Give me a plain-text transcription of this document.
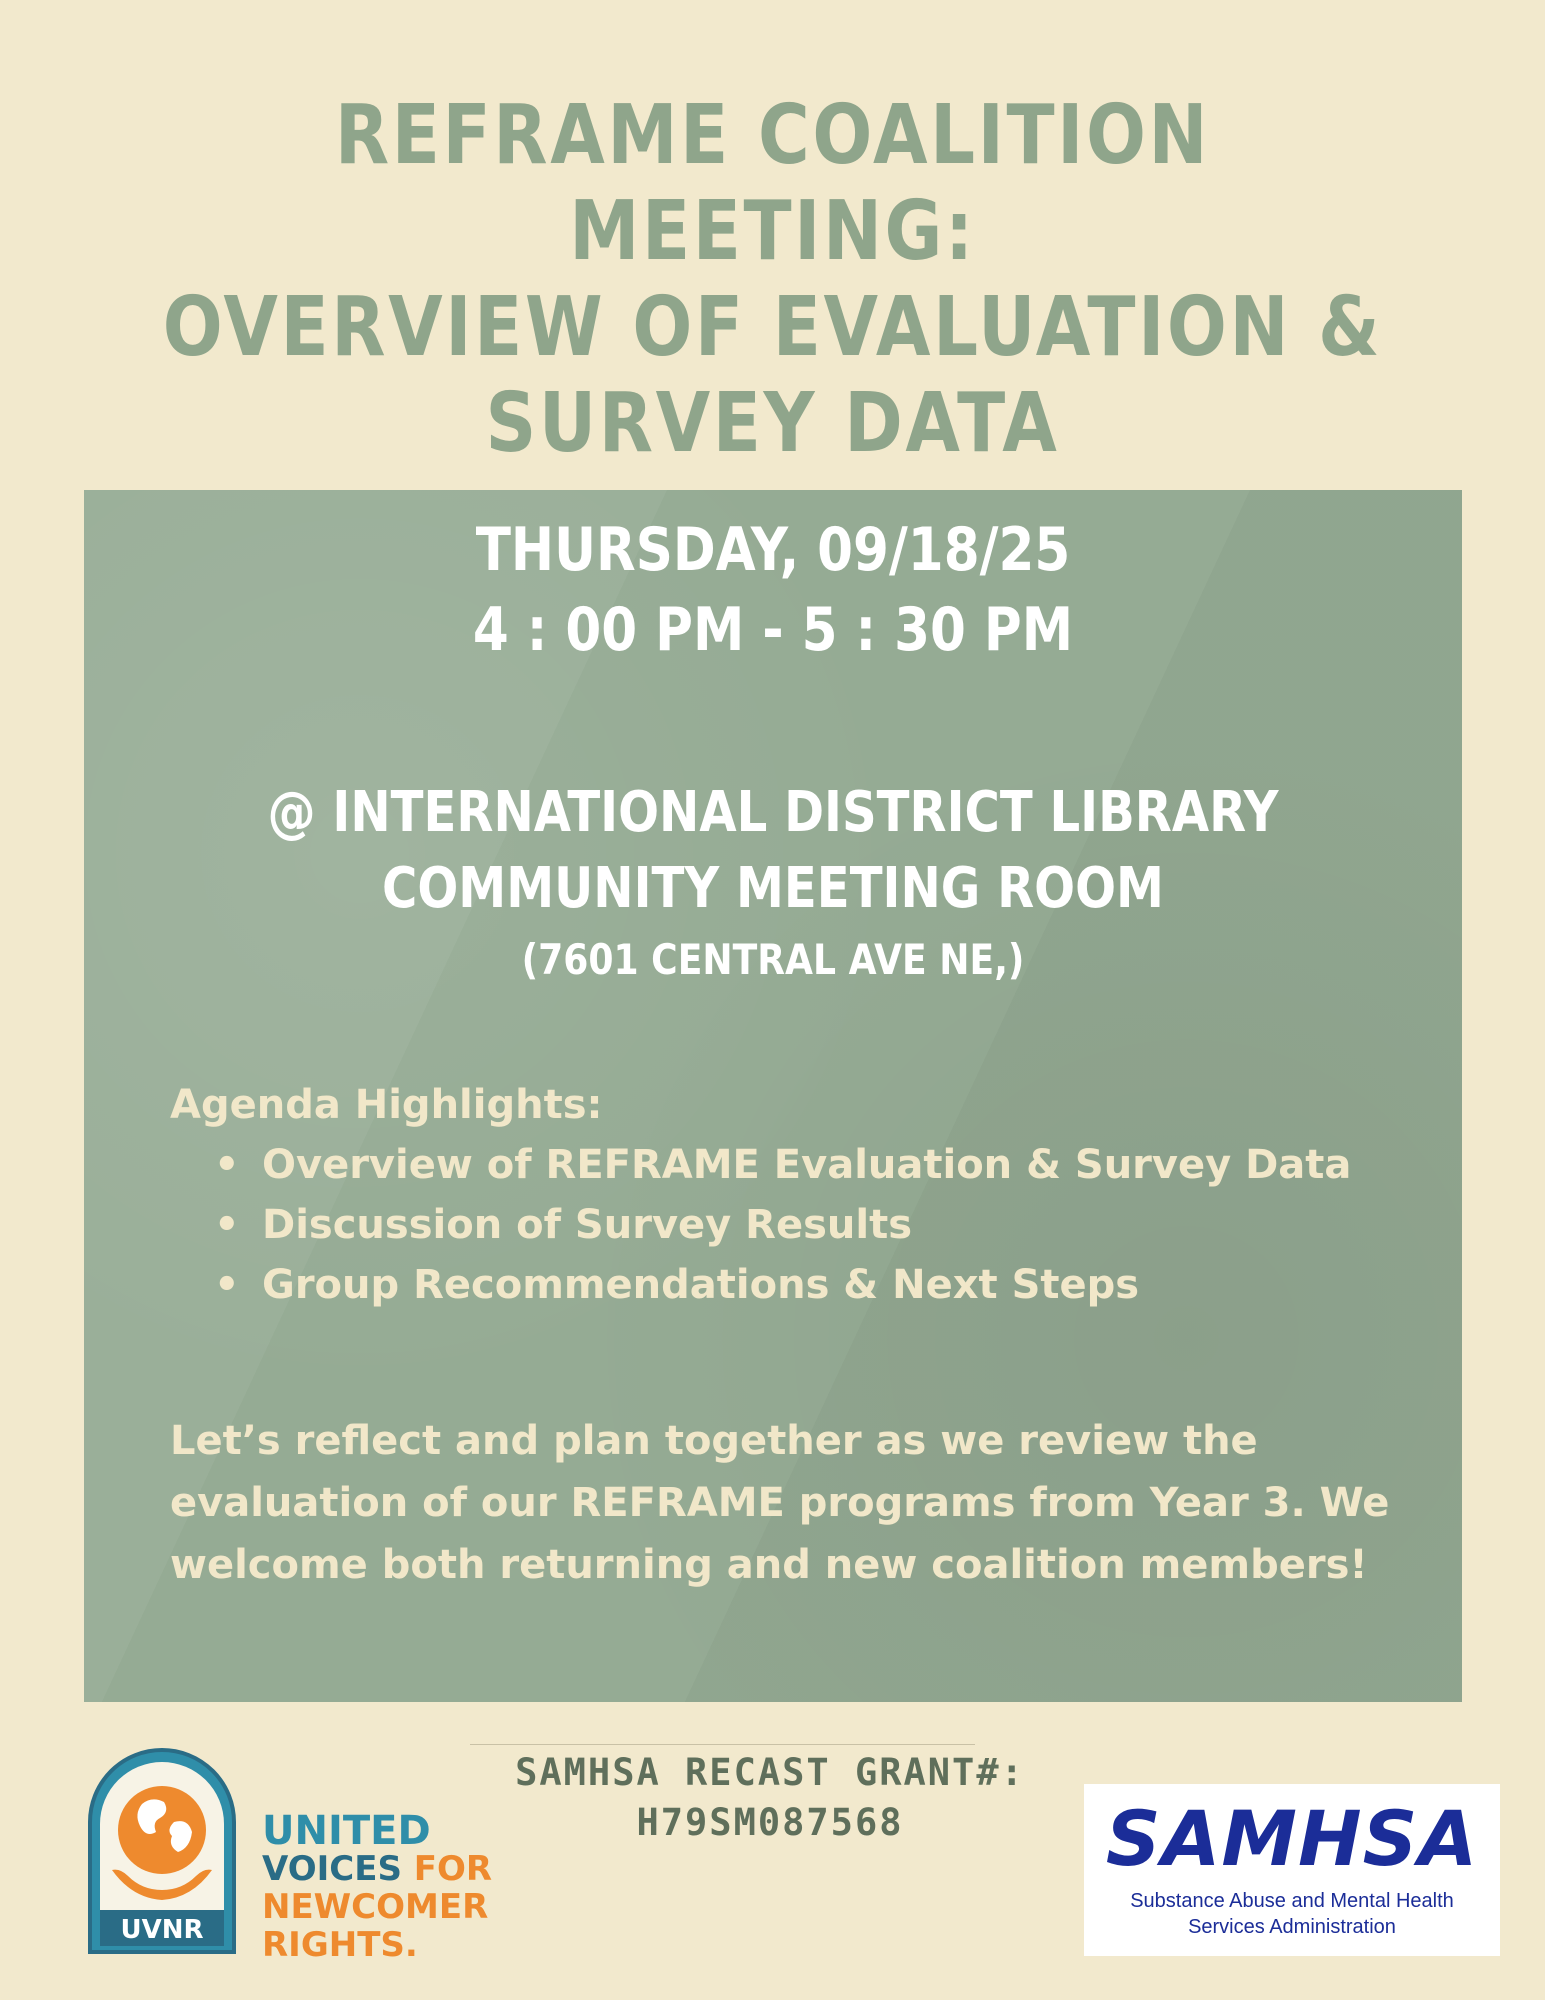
REFRAME COALITION MEETING:
OVERVIEW OF EVALUATION &
SURVEY DATA
THURSDAY, 09/18/25
4 : 00 PM - 5 : 30 PM
@ INTERNATIONAL DISTRICT LIBRARY
COMMUNITY MEETING ROOM
(7601 CENTRAL AVE NE,)

Agenda Highlights:

• Overview of REFRAME Evaluation & Survey Data
• Discussion of Survey Results
• Group Recommendations & Next Steps

Let’s reflect and plan together as we review the evaluation of our REFRAME programs from Year 3. We welcome both returning and new coalition members!

SAMHSA RECAST GRANT#:
H79SM087568
UVNR
UNITED
VOICES FOR
NEWCOMER
RIGHTS.
SAMHSA
Substance Abuse and Mental Health
Services Administration
